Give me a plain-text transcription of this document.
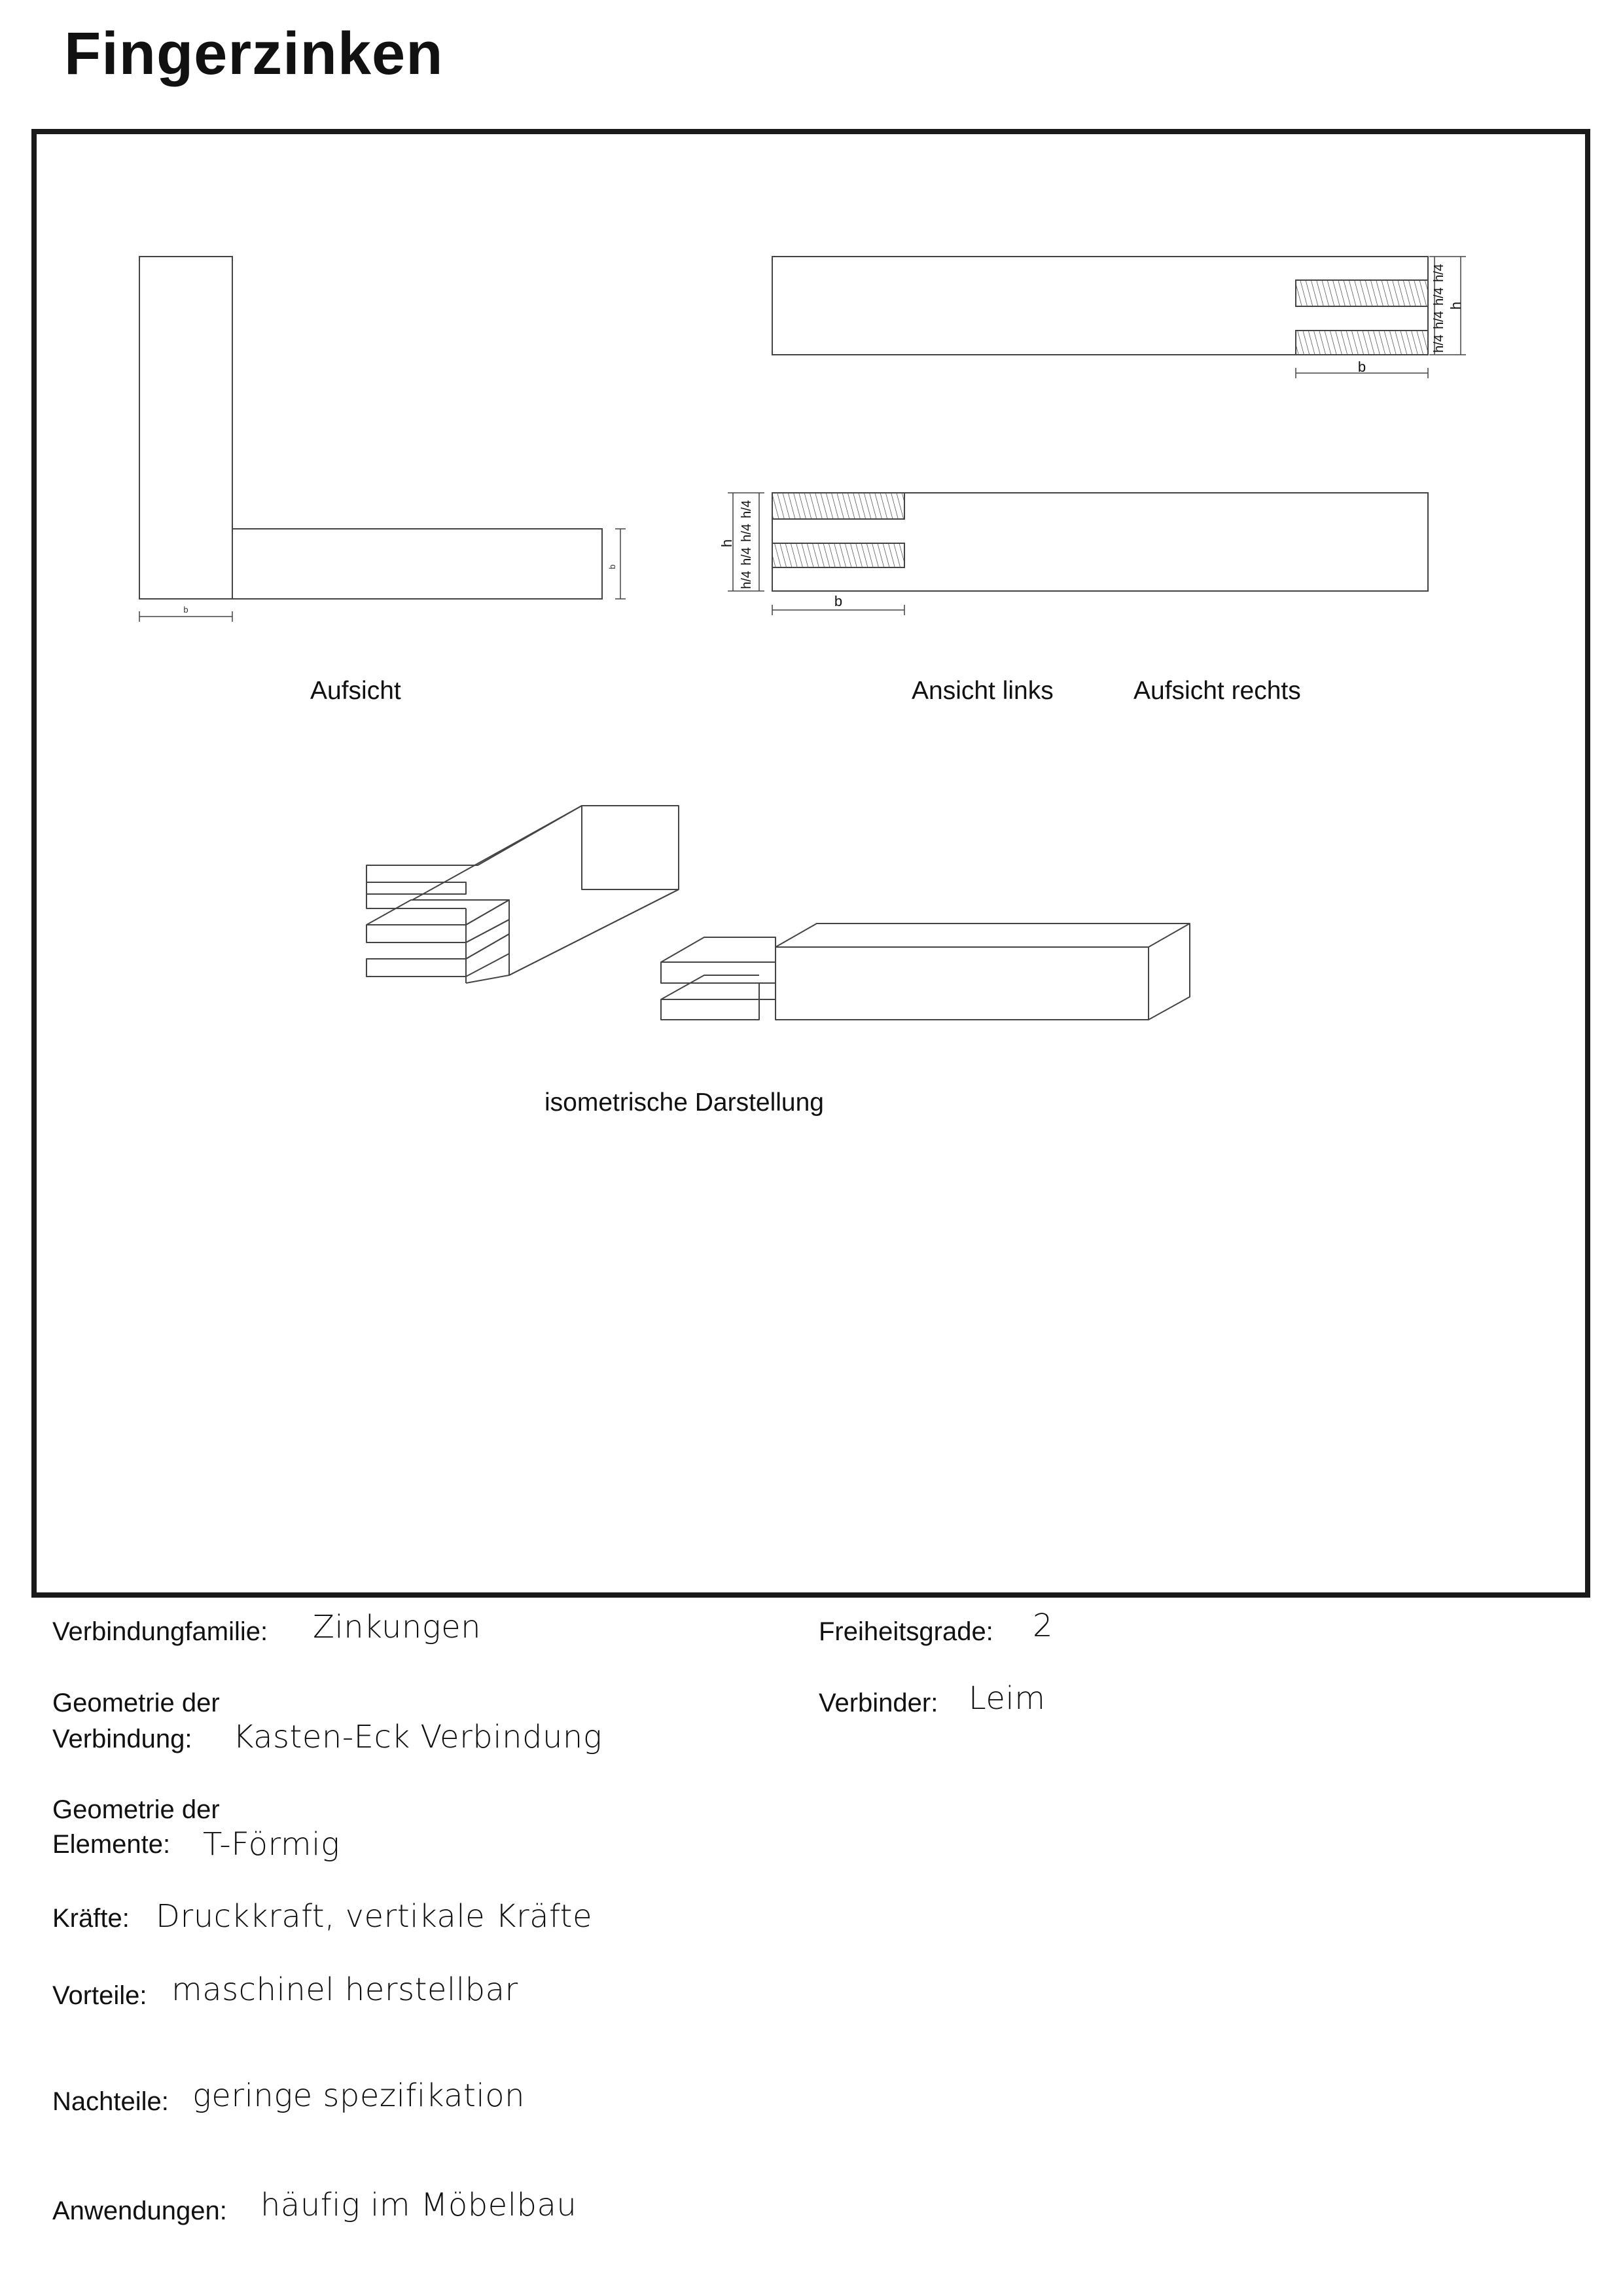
Fingerzinken
b
b
b
h/4
h/4
h/4
h/4
h
b
h/4
h/4
h/4
h/4
h
Aufsicht	Ansicht links	Aufsicht rechts
isometrische Darstellung
Verbindungfamilie: Zinkungen	Freiheitsgrade: 2
Geometrie der
Verbindung: Kasten-Eck Verbindung
Verbinder: Leim
Geometrie der
Elemente: T-Förmig
Kräfte: Druckkraft, vertikale Kräfte
Vorteile: maschinel herstellbar
Nachteile: geringe spezifikation
Anwendungen: häufig im Möbelbau
